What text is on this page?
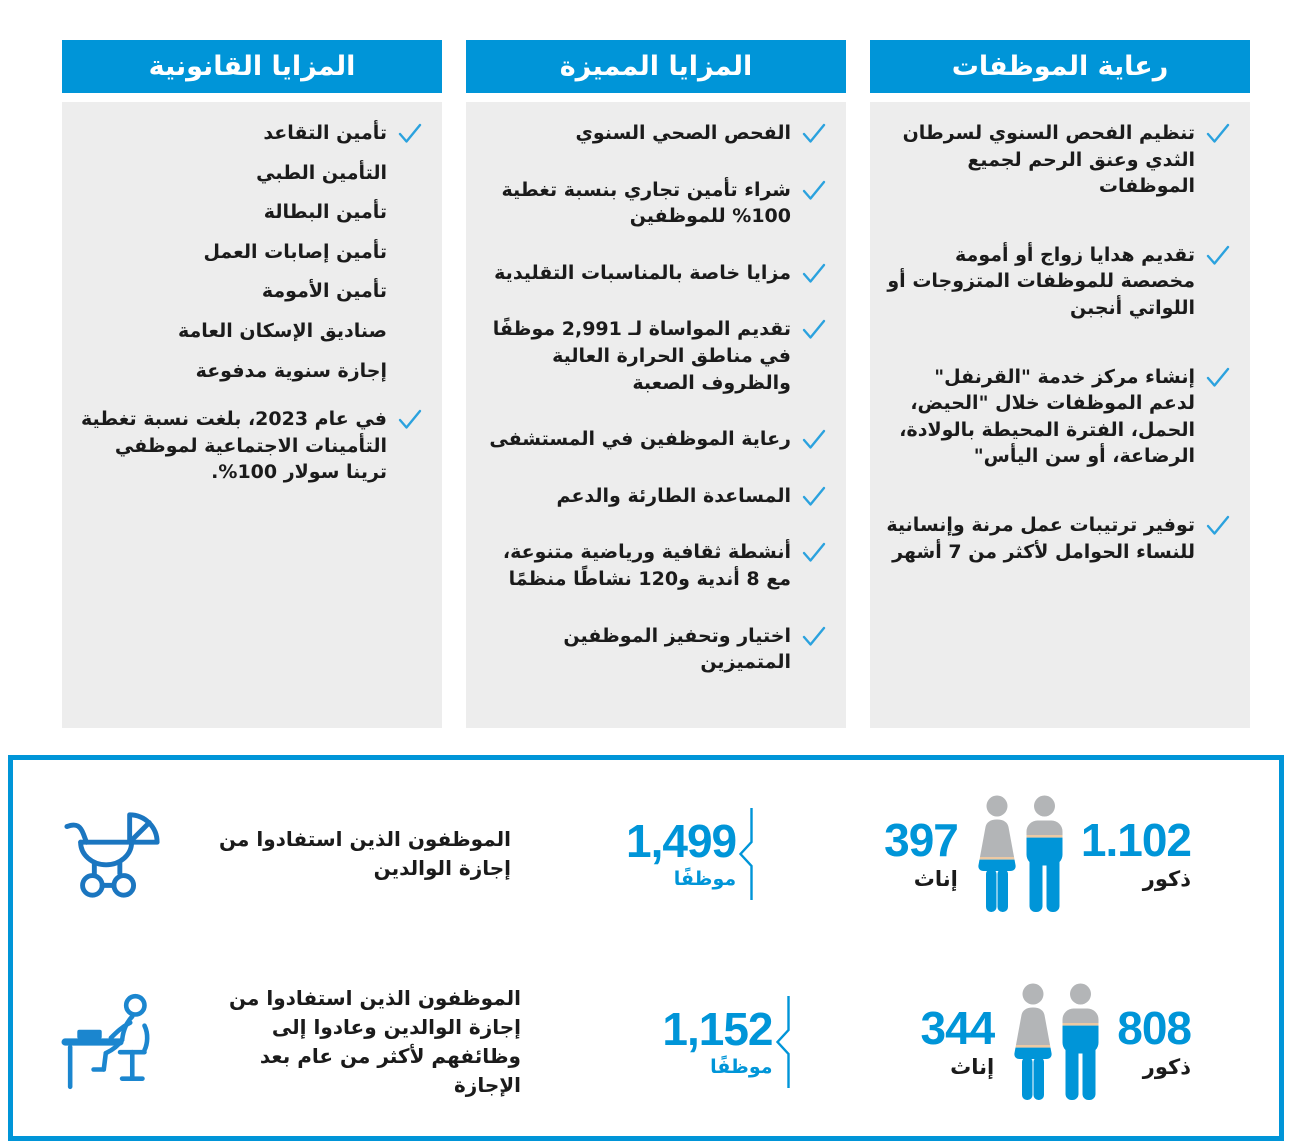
رعاية الموظفات

تنظيم الفحص السنوي لسرطان الثدي وعنق الرحم لجميع الموظفات

تقديم هدايا زواج أو أمومة مخصصة للموظفات المتزوجات أو اللواتي أنجبن

إنشاء مركز خدمة "القرنفل" لدعم الموظفات خلال "الحيض، الحمل، الفترة المحيطة بالولادة، الرضاعة، أو سن اليأس"

توفير ترتيبات عمل مرنة وإنسانية للنساء الحوامل لأكثر من 7 أشهر

المزايا المميزة

الفحص الصحي السنوي

شراء تأمين تجاري بنسبة تغطية 100% للموظفين

مزايا خاصة بالمناسبات التقليدية

تقديم المواساة لـ 2,991 موظفًا في مناطق الحرارة العالية والظروف الصعبة

رعاية الموظفين في المستشفى

المساعدة الطارئة والدعم

أنشطة ثقافية ورياضية متنوعة، مع 8 أندية و120 نشاطًا منظمًا

اختيار وتحفيز الموظفين المتميزين

المزايا القانونية

تأمين التقاعد

التأمين الطبي

تأمين البطالة

تأمين إصابات العمل

تأمين الأمومة

صناديق الإسكان العامة

إجازة سنوية مدفوعة

في عام 2023، بلغت نسبة تغطية التأمينات الاجتماعية لموظفي ترينا سولار 100%.

1.102
ذكور
397
إناث
1,499
موظفًا
الموظفون الذين استفادوا من إجازة الوالدين
808
ذكور
344
إناث
1,152
موظفًا
الموظفون الذين استفادوا من إجازة الوالدين وعادوا إلى وظائفهم لأكثر من عام بعد الإجازة
